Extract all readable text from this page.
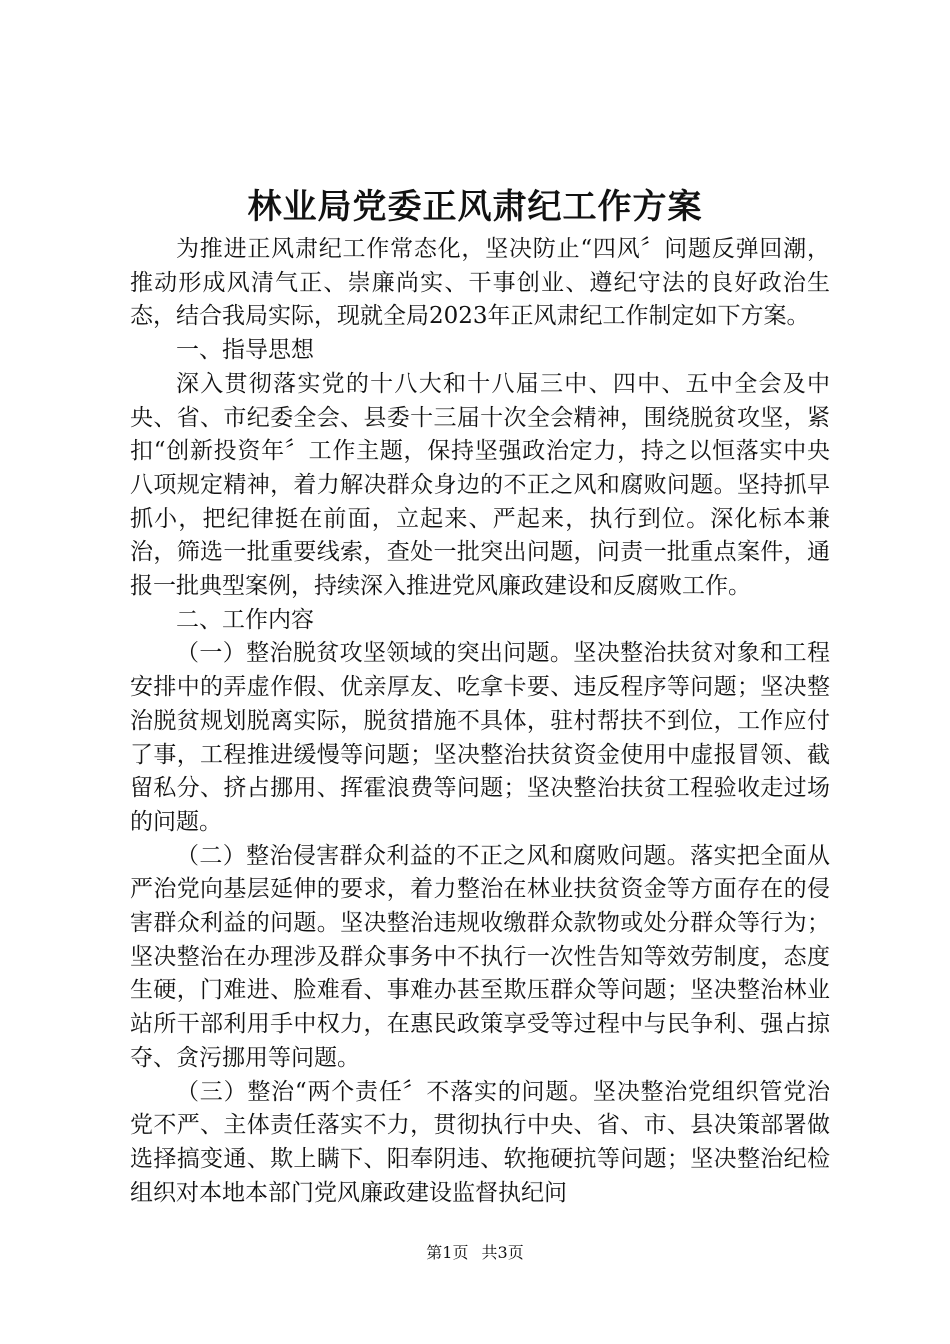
林业局党委正风肃纪工作方案

为推进正风肃纪工作常态化，坚决防止“四风〞问题反弹回潮，推动形成风清气正、崇廉尚实、干事创业、遵纪守法的良好政治生态，结合我局实际，现就全局2023年正风肃纪工作制定如下方案。

一、指导思想

深入贯彻落实党的十八大和十八届三中、四中、五中全会及中央、省、市纪委全会、县委十三届十次全会精神，围绕脱贫攻坚，紧扣“创新投资年〞工作主题，保持坚强政治定力，持之以恒落实中央八项规定精神，着力解决群众身边的不正之风和腐败问题。坚持抓早抓小，把纪律挺在前面，立起来、严起来，执行到位。深化标本兼治，筛选一批重要线索，查处一批突出问题，问责一批重点案件，通报一批典型案例，持续深入推进党风廉政建设和反腐败工作。

二、工作内容

（一）整治脱贫攻坚领域的突出问题。坚决整治扶贫对象和工程安排中的弄虚作假、优亲厚友、吃拿卡要、违反程序等问题；坚决整治脱贫规划脱离实际，脱贫措施不具体，驻村帮扶不到位，工作应付了事，工程推进缓慢等问题；坚决整治扶贫资金使用中虚报冒领、截留私分、挤占挪用、挥霍浪费等问题；坚决整治扶贫工程验收走过场的问题。

（二）整治侵害群众利益的不正之风和腐败问题。落实把全面从严治党向基层延伸的要求，着力整治在林业扶贫资金等方面存在的侵害群众利益的问题。坚决整治违规收缴群众款物或处分群众等行为；坚决整治在办理涉及群众事务中不执行一次性告知等效劳制度，态度生硬，门难进、脸难看、事难办甚至欺压群众等问题；坚决整治林业站所干部利用手中权力，在惠民政策享受等过程中与民争利、强占掠夺、贪污挪用等问题。

（三）整治“两个责任〞不落实的问题。坚决整治党组织管党治党不严、主体责任落实不力，贯彻执行中央、省、市、县决策部署做选择搞变通、欺上瞒下、阳奉阴违、软拖硬抗等问题；坚决整治纪检组织对本地本部门党风廉政建设监督执纪问

第1页 共3页
